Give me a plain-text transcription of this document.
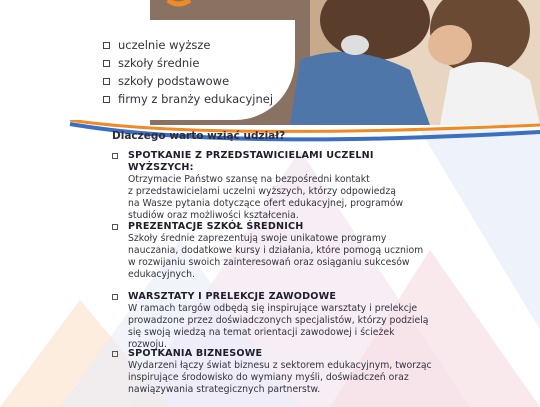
uczelnie wyższe
szkoły średnie
szkoły podstawowe
firmy z branży edukacyjnej

Dlaczego warto wziąć udział?

SPOTKANIE Z PRZEDSTAWICIELAMI UCZELNI WYŻSZYCH:
Otrzymacie Państwo szansę na bezpośredni kontakt
z przedstawicielami uczelni wyższych, którzy odpowiedzą
na Wasze pytania dotyczące ofert edukacyjnej, programów
studiów oraz możliwości kształcenia.
PREZENTACJE SZKÓŁ ŚREDNICH
Szkoły średnie zaprezentują swoje unikatowe programy
nauczania, dodatkowe kursy i działania, które pomogą uczniom
w rozwijaniu swoich zainteresowań oraz osiąganiu sukcesów
edukacyjnych.
WARSZTATY I PRELEKCJE ZAWODOWE
W ramach targów odbędą się inspirujące warsztaty i prelekcje
prowadzone przez doświadczonych specjalistów, którzy podzielą
się swoją wiedzą na temat orientacji zawodowej i ścieżek rozwoju.
SPOTKANIA BIZNESOWE
Wydarzeni łączy świat biznesu z sektorem edukacyjnym, tworząc
inspirujące środowisko do wymiany myśli, doświadczeń oraz
nawiązywania strategicznych partnerstw.
